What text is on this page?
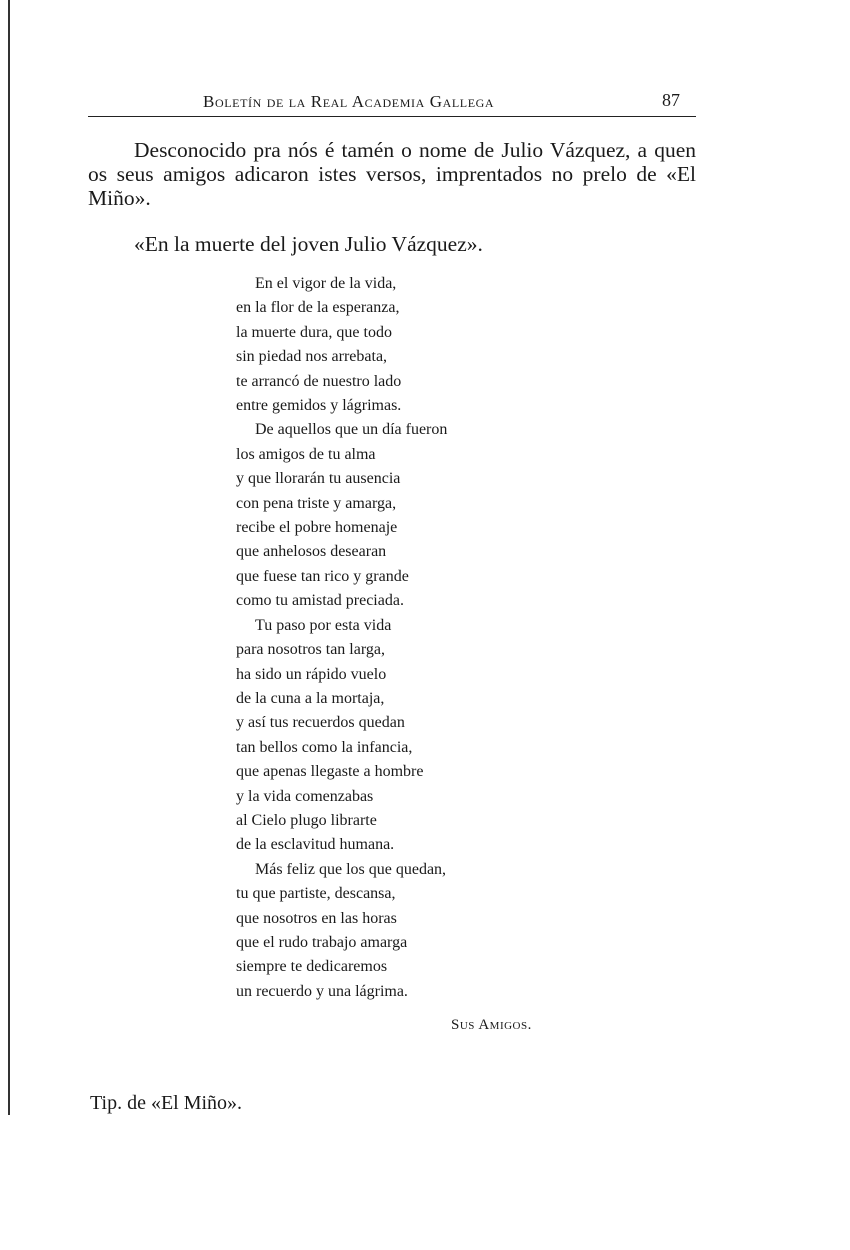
Boletín de la Real Academia Gallega	87

Desconocido pra nós é tamén o nome de Julio Vázquez, a quen os seus amigos adicaron istes versos, imprentados no prelo de «El Miño».

«En la muerte del joven Julio Vázquez».
En el vigor de la vida,
en la flor de la esperanza,
la muerte dura, que todo
sin piedad nos arrebata,
te arrancó de nuestro lado
entre gemidos y lágrimas.
De aquellos que un día fueron
los amigos de tu alma
y que llorarán tu ausencia
con pena triste y amarga,
recibe el pobre homenaje
que anhelosos desearan
que fuese tan rico y grande
como tu amistad preciada.
Tu paso por esta vida
para nosotros tan larga,
ha sido un rápido vuelo
de la cuna a la mortaja,
y así tus recuerdos quedan
tan bellos como la infancia,
que apenas llegaste a hombre
y la vida comenzabas
al Cielo plugo librarte
de la esclavitud humana.
Más feliz que los que quedan,
tu que partiste, descansa,
que nosotros en las horas
que el rudo trabajo amarga
siempre te dedicaremos
un recuerdo y una lágrima.
Sus Amigos.
Tip. de «El Miño».
